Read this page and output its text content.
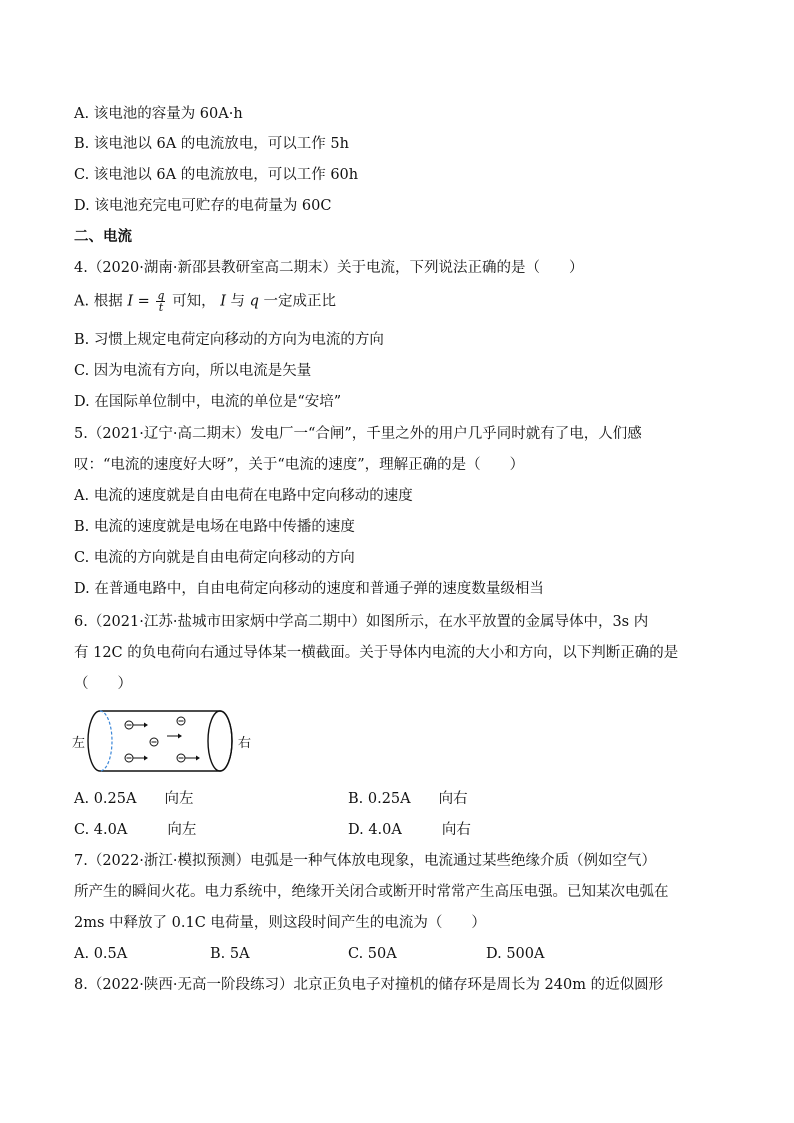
A. 该电池的容量为 60A·h
B. 该电池以 6A 的电流放电，可以工作 5h
C. 该电池以 6A 的电流放电，可以工作 60h
D. 该电池充完电可贮存的电荷量为 60C
二、电流
4.（2020·湖南·新邵县教研室高二期末）关于电流，下列说法正确的是（　　）
A. 根据 $I = \frac{q}{t}$ 可知， I 与 q 一定成正比
B. 习惯上规定电荷定向移动的方向为电流的方向
C. 因为电流有方向，所以电流是矢量
D. 在国际单位制中，电流的单位是“安培”
5.（2021·辽宁·高二期末）发电厂一“合闸”，千里之外的用户几乎同时就有了电，人们感
叹：“电流的速度好大呀”，关于“电流的速度”，理解正确的是（　　）
A. 电流的速度就是自由电荷在电路中定向移动的速度
B. 电流的速度就是电场在电路中传播的速度
C. 电流的方向就是自由电荷定向移动的方向
D. 在普通电路中，自由电荷定向移动的速度和普通子弹的速度数量级相当
6.（2021·江苏·盐城市田家炳中学高二期中）如图所示，在水平放置的金属导体中，3s 内
有 12C 的负电荷向右通过导体某一横截面。关于导体内电流的大小和方向，以下判断正确的是
（　　）
左	右
A. 0.25A 向左	B. 0.25A 向右
C. 4.0A	向左	D. 4.0A	向右
7.（2022·浙江·模拟预测）电弧是一种气体放电现象，电流通过某些绝缘介质（例如空气）
所产生的瞬间火花。电力系统中，绝缘开关闭合或断开时常常产生高压电强。已知某次电弧在
2ms 中释放了 0.1C 电荷量，则这段时间产生的电流为（　　）
A. 0.5A	B. 5A	C. 50A	D. 500A
8.（2022·陕西·无高一阶段练习）北京正负电子对撞机的储存环是周长为 240m 的近似圆形
